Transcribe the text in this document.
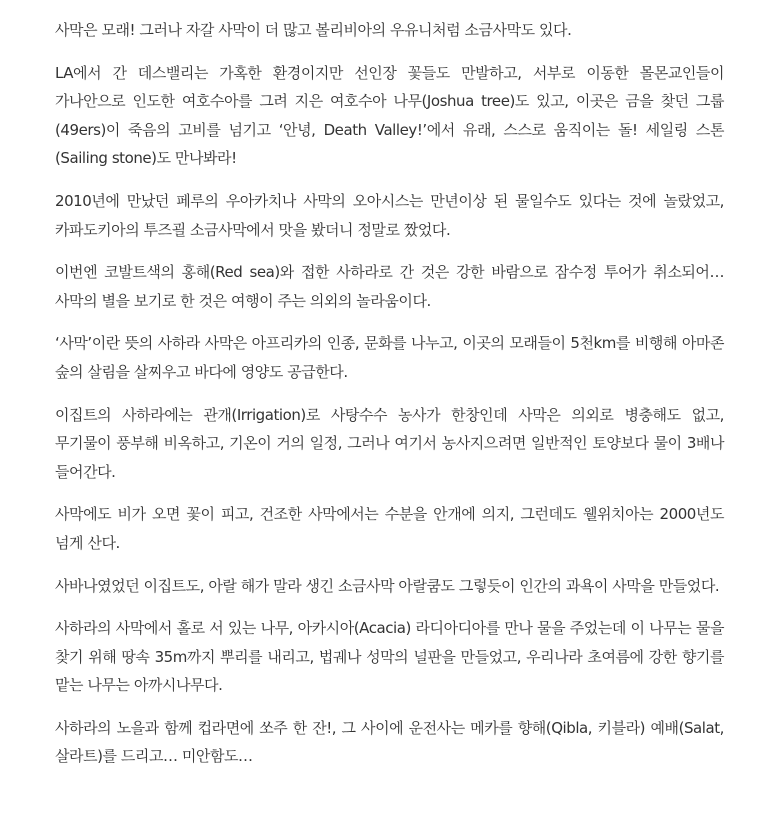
사막은 모래! 그러나 자갈 사막이 더 많고 볼리비아의 우유니처럼 소금사막도 있다.

LA에서 간 데스밸리는 가혹한 환경이지만 선인장 꽃들도 만발하고, 서부로 이동한 몰몬교인들이 가나안으로 인도한 여호수아를 그려 지은 여호수아 나무(Joshua tree)도 있고, 이곳은 금을 찾던 그룹(49ers)이 죽음의 고비를 넘기고 ‘안녕, Death Valley!’에서 유래, 스스로 움직이는 돌! 세일링 스톤(Sailing stone)도 만나봐라!

2010년에 만났던 페루의 우아카치나 사막의 오아시스는 만년이상 된 물일수도 있다는 것에 놀랐었고, 카파도키아의 투즈괼 소금사막에서 맛을 봤더니 정말로 짰었다.

이번엔 코발트색의 홍해(Red sea)와 접한 사하라로 간 것은 강한 바람으로 잠수정 투어가 취소되어… 사막의 별을 보기로 한 것은 여행이 주는 의외의 놀라움이다.

‘사막’이란 뜻의 사하라 사막은 아프리카의 인종, 문화를 나누고, 이곳의 모래들이 5천km를 비행해 아마존 숲의 살림을 살찌우고 바다에 영양도 공급한다.

이집트의 사하라에는 관개(Irrigation)로 사탕수수 농사가 한창인데 사막은 의외로 병충해도 없고, 무기물이 풍부해 비옥하고, 기온이 거의 일정, 그러나 여기서 농사지으려면 일반적인 토양보다 물이 3배나 들어간다.

사막에도 비가 오면 꽃이 피고, 건조한 사막에서는 수분을 안개에 의지, 그런데도 웰위치아는 2000년도 넘게 산다.

사바나였었던 이집트도, 아랄 해가 말라 생긴 소금사막 아랄쿰도 그렇듯이 인간의 과욕이 사막을 만들었다.

사하라의 사막에서 홀로 서 있는 나무, 아카시아(Acacia) 라디아디아를 만나 물을 주었는데 이 나무는 물을 찾기 위해 땅속 35m까지 뿌리를 내리고, 법궤나 성막의 널판을 만들었고, 우리나라 초여름에 강한 향기를 맡는 나무는 아까시나무다.

사하라의 노을과 함께 컵라면에 쏘주 한 잔!, 그 사이에 운전사는 메카를 향해(Qibla, 키블라) 예배(Salat, 살라트)를 드리고… 미안함도…
